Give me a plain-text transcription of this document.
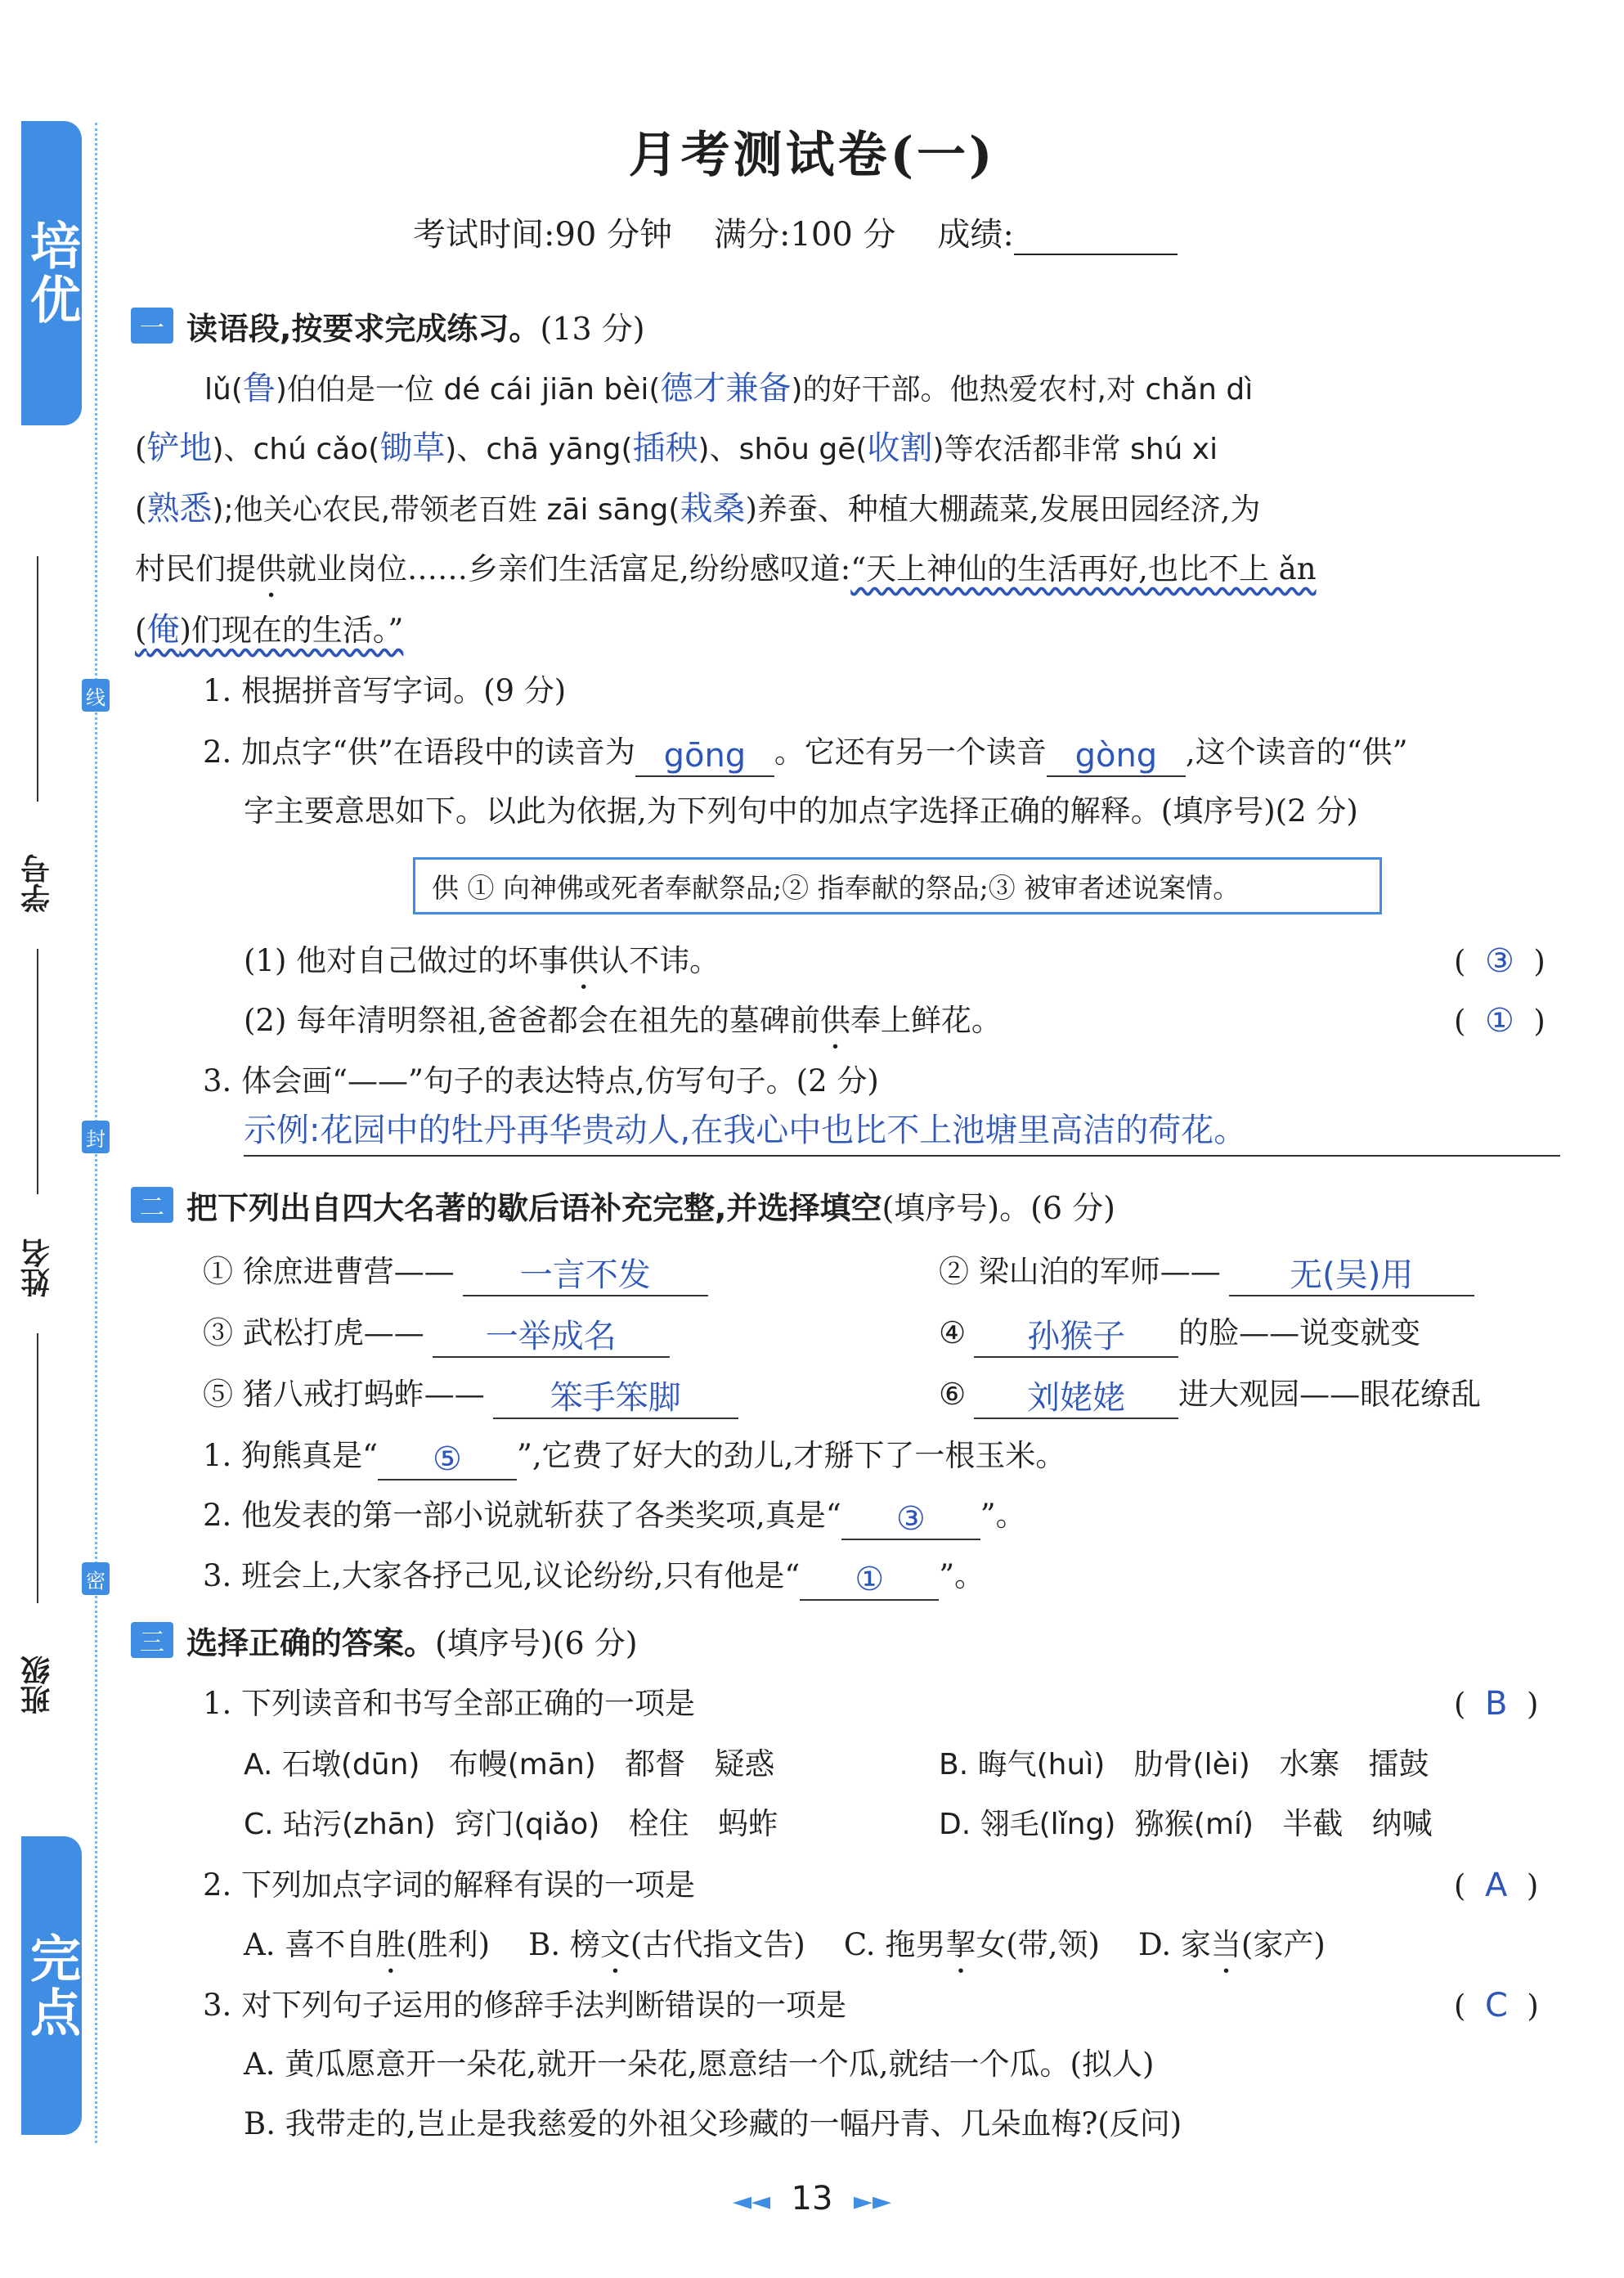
培优
完点
线
封
密
学号
姓名
班级
月考测试卷(一)
考试时间:90 分钟 满分:100 分 成绩:
一 读语段,按要求完成练习。 (13 分)
lǔ(鲁)伯伯是一位 dé cái jiān bèi(德才兼备)的好干部。他热爱农村,对 chǎn dì
(铲地)、chú cǎo(锄草)、chā yāng(插秧)、shōu gē(收割)等农活都非常 shú xi
(熟悉);他关心农民,带领老百姓 zāi sāng(栽桑)养蚕、种植大棚蔬菜,发展田园经济,为
村民们提供就业岗位……乡亲们生活富足,纷纷感叹道:“天上神仙的生活再好,也比不上 ǎn
(俺)们现在的生活。”
1. 根据拼音写字词。(9 分)
2. 加点字“供”在语段中的读音为 gōng 。它还有另一个读音 gòng ,这个读音的“供”
字主要意思如下。以此为依据,为下列句中的加点字选择正确的解释。(填序号)(2 分)
供 ① 向神佛或死者奉献祭品;② 指奉献的祭品;③ 被审者述说案情。
(1) 他对自己做过的坏事供认不讳。	(  ③  )
(2) 每年清明祭祖,爸爸都会在祖先的墓碑前供奉上鲜花。	(  ①  )
3. 体会画“——”句子的表达特点,仿写句子。(2 分)
示例:花园中的牡丹再华贵动人,在我心中也比不上池塘里高洁的荷花。
二 把下列出自四大名著的歇后语补充完整,并选择填空 (填序号)。(6 分)
① 徐庶进曹营—— 一言不发	② 梁山泊的军师—— 无(吴)用
③ 武松打虎—— 一举成名	④ 孙猴子 的脸——说变就变
⑤ 猪八戒打蚂蚱—— 笨手笨脚	⑥ 刘姥姥 进大观园——眼花缭乱
1. 狗熊真是“ ⑤ ”,它费了好大的劲儿,才掰下了一根玉米。
2. 他发表的第一部小说就斩获了各类奖项,真是“ ③ ”。
3. 班会上,大家各抒己见,议论纷纷,只有他是“ ① ”。
三 选择正确的答案。 (填序号)(6 分)
1. 下列读音和书写全部正确的一项是	(  B  )
A. 石墩(dūn) 布幔(mān) 都督 疑惑	B. 晦气(huì) 肋骨(lèi) 水寨 擂鼓
C. 玷污(zhān) 窍门(qiǎo) 栓住 蚂蚱	D. 翎毛(lǐng) 猕猴(mí) 半截 纳喊
2. 下列加点字词的解释有误的一项是	(  A  )
A. 喜不自胜(胜利) B. 榜文(古代指文告) C. 拖男挈女(带,领) D. 家当(家产)
3. 对下列句子运用的修辞手法判断错误的一项是	(  C  )
A. 黄瓜愿意开一朵花,就开一朵花,愿意结一个瓜,就结一个瓜。(拟人)
B. 我带走的,岂止是我慈爱的外祖父珍藏的一幅丹青、几朵血梅?(反问)
◄◄ 13 ►►
